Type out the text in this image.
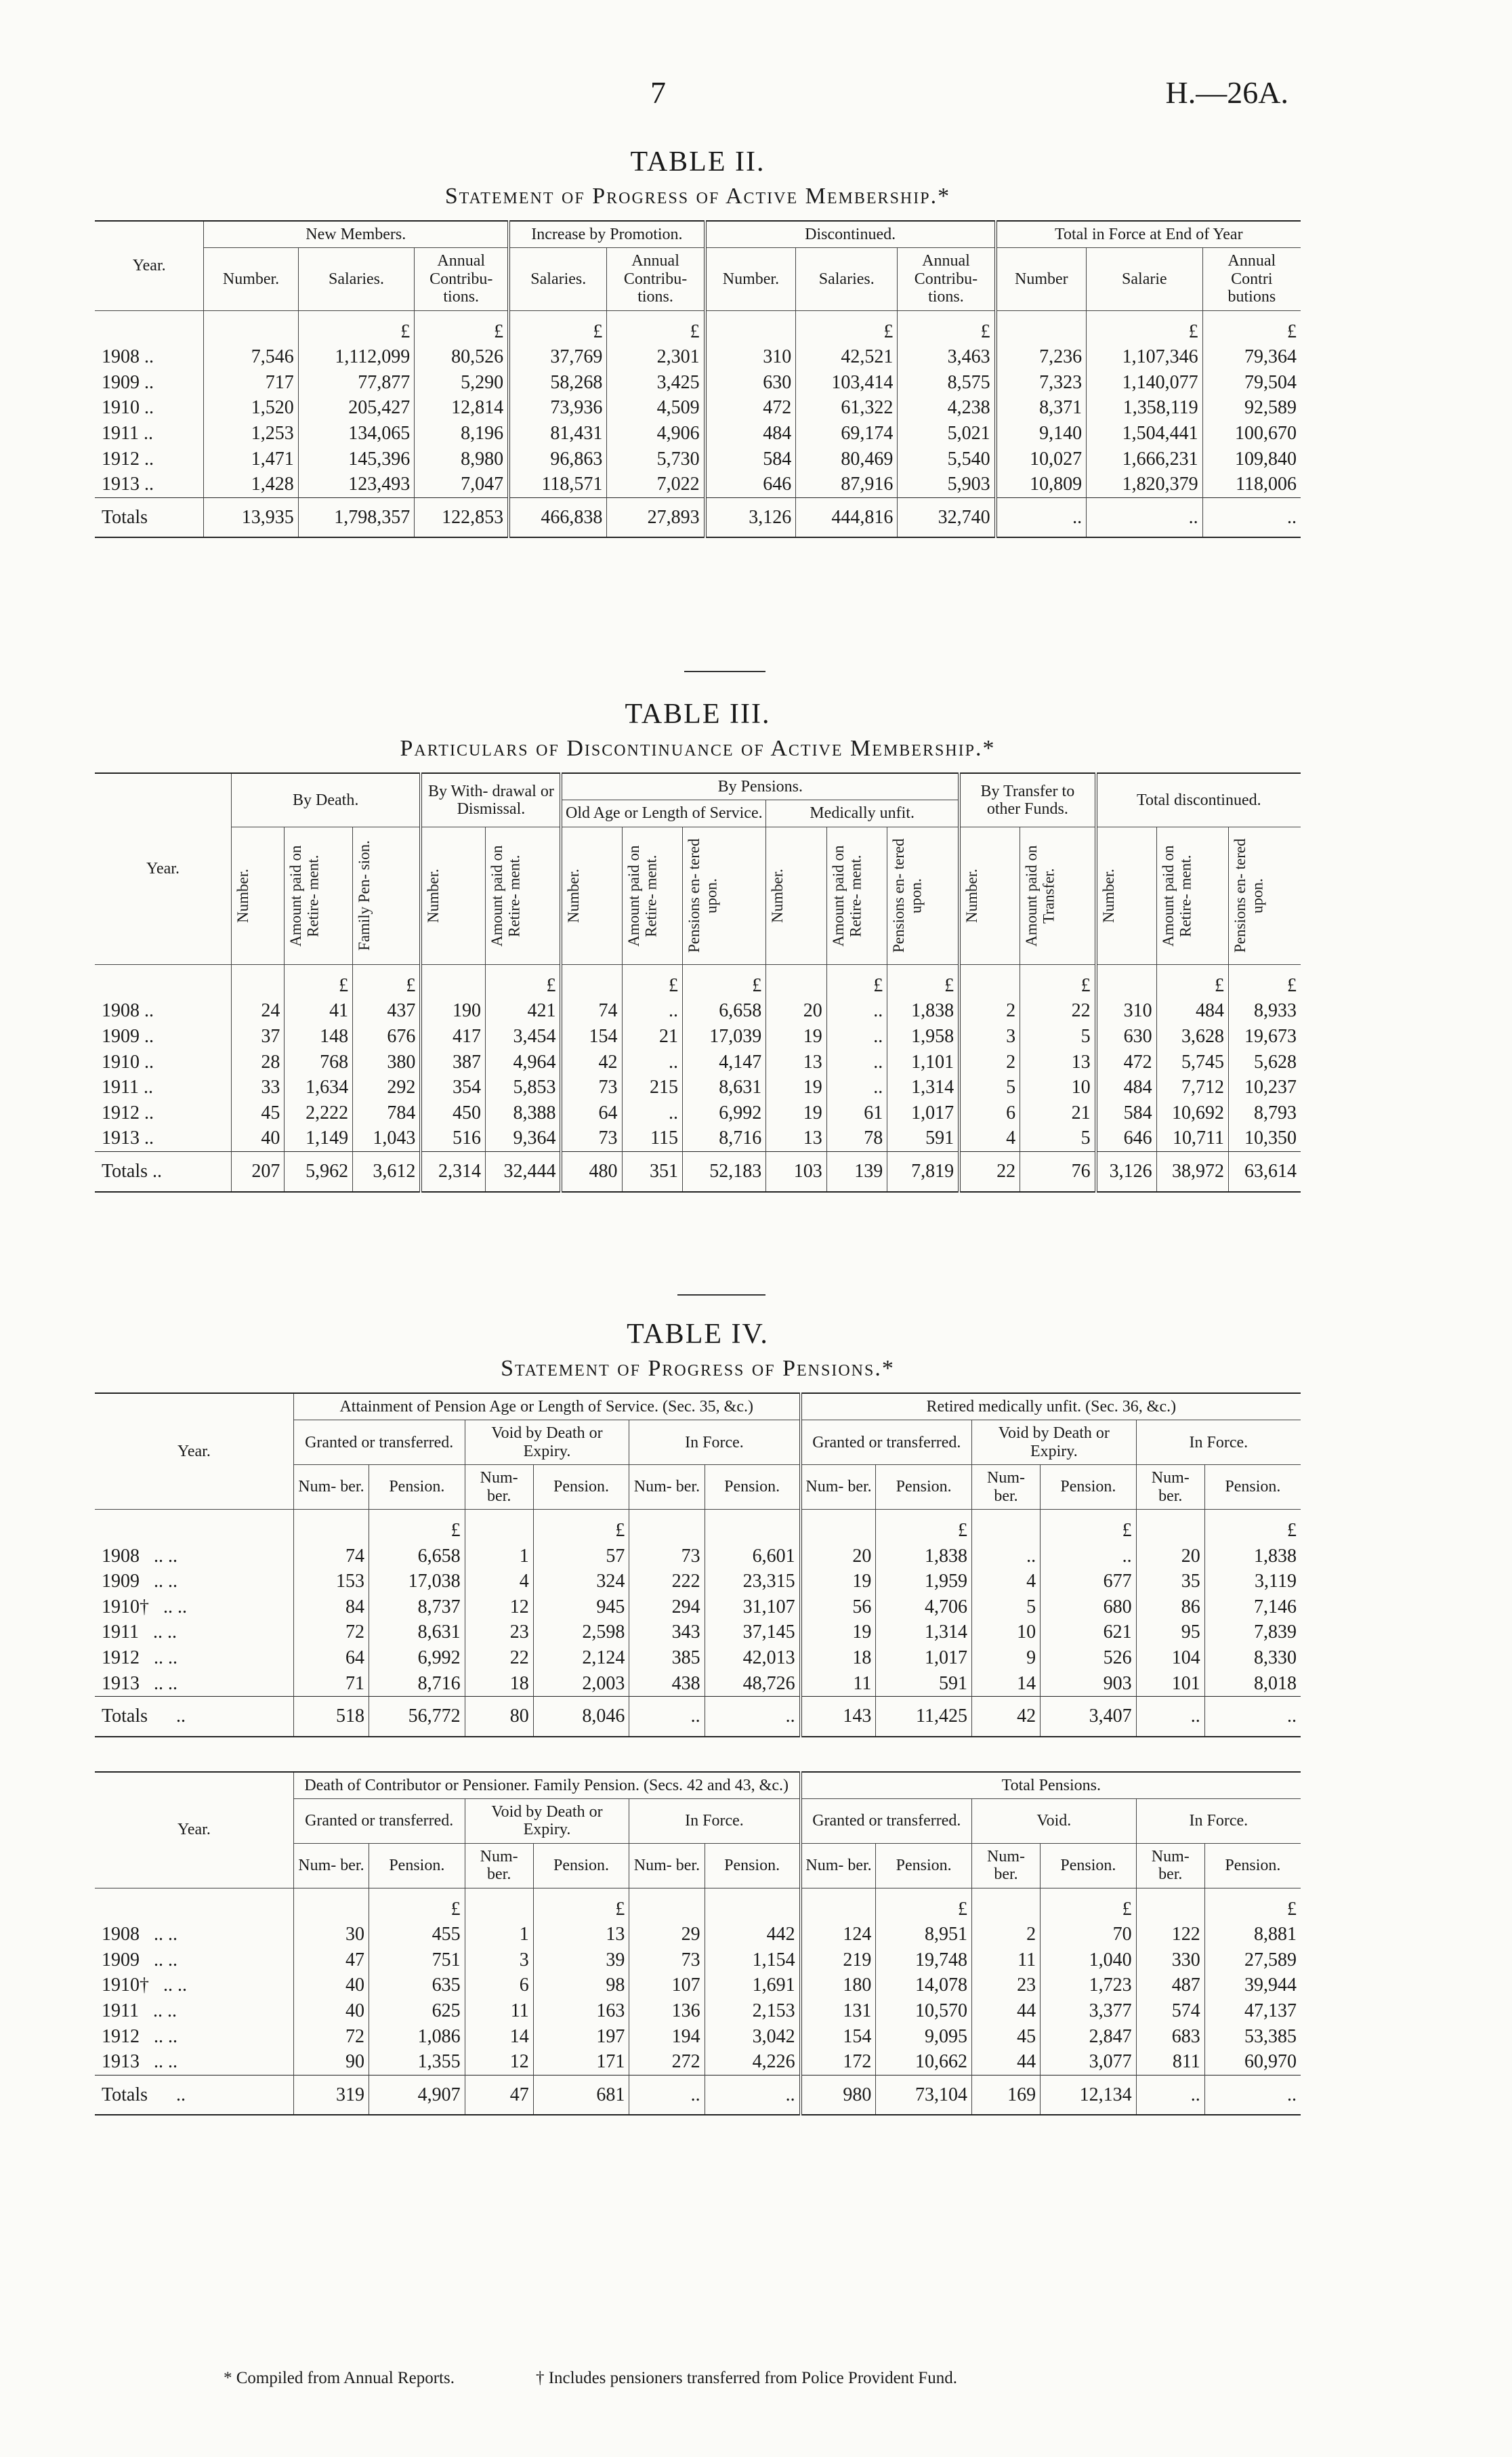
7	H.—26A.

TABLE II.

Statement of Progress of Active Membership.*

Year.	New Members.			Increase by Promotion.		Discontinued.			Total in Force at End of Year		
	Number.	Salaries.	Annual Contribu- tions.	Salaries.	Annual Contribu- tions.	Number.	Salaries.	Annual Contribu- tions.	Number	Salarie	Annual Contri butions
		£	£	£	£		£	£		£	£
1908 ..	7,546	1,112,099	80,526	37,769	2,301	310	42,521	3,463	7,236	1,107,346	79,364
1909 ..	717	77,877	5,290	58,268	3,425	630	103,414	8,575	7,323	1,140,077	79,504
1910 ..	1,520	205,427	12,814	73,936	4,509	472	61,322	4,238	8,371	1,358,119	92,589
1911 ..	1,253	134,065	8,196	81,431	4,906	484	69,174	5,021	9,140	1,504,441	100,670
1912 ..	1,471	145,396	8,980	96,863	5,730	584	80,469	5,540	10,027	1,666,231	109,840
1913 ..	1,428	123,493	7,047	118,571	7,022	646	87,916	5,903	10,809	1,820,379	118,006
Totals	13,935	1,798,357	122,853	466,838	27,893	3,126	444,816	32,740	..	..	..

TABLE III.

Particulars of Discontinuance of Active Membership.*

Year.	By Death.			By With- drawal or Dismissal.		By Pensions.						By Transfer to other Funds.		Total discontinued.		
						Old Age or Length of Service.			Medically unfit.							

	Number.	Amount paid on Retire- ment.	Family Pen- sion.	Number.	Amount paid on Retire- ment.	Number.	Amount paid on Retire- ment.	Pensions en- tered upon.	Number.	Amount paid on Retire- ment.	Pensions en- tered upon.	Number.	Amount paid on Transfer.	Number.	Amount paid on Retire- ment.	Pensions en- tered upon.

		£	£		£		£	£		£	£		£		£	£
1908 ..	24	41	437	190	421	74	..	6,658	20	..	1,838	2	22	310	484	8,933
1909 ..	37	148	676	417	3,454	154	21	17,039	19	..	1,958	3	5	630	3,628	19,673
1910 ..	28	768	380	387	4,964	42	..	4,147	13	..	1,101	2	13	472	5,745	5,628
1911 ..	33	1,634	292	354	5,853	73	215	8,631	19	..	1,314	5	10	484	7,712	10,237
1912 ..	45	2,222	784	450	8,388	64	..	6,992	19	61	1,017	6	21	584	10,692	8,793
1913 ..	40	1,149	1,043	516	9,364	73	115	8,716	13	78	591	4	5	646	10,711	10,350
Totals ..	207	5,962	3,612	2,314	32,444	480	351	52,183	103	139	7,819	22	76	3,126	38,972	63,614

TABLE IV.

Statement of Progress of Pensions.*

Year.	Attainment of Pension Age or Length of Service. (Sec. 35, &c.)						Retired medically unfit. (Sec. 36, &c.)					
	Granted or transferred.		Void by Death or Expiry.		In Force.		Granted or transferred.		Void by Death or Expiry.		In Force.	
	Num- ber.	Pension.	Num- ber.	Pension.	Num- ber.	Pension.	Num- ber.	Pension.	Num- ber.	Pension.	Num- ber.	Pension.
		£		£				£		£		£
1908 .. ..	74	6,658	1	57	73	6,601	20	1,838	..	..	20	1,838
1909 .. ..	153	17,038	4	324	222	23,315	19	1,959	4	677	35	3,119
1910† .. ..	84	8,737	12	945	294	31,107	56	4,706	5	680	86	7,146
1911 .. ..	72	8,631	23	2,598	343	37,145	19	1,314	10	621	95	7,839
1912 .. ..	64	6,992	22	2,124	385	42,013	18	1,017	9	526	104	8,330
1913 .. ..	71	8,716	18	2,003	438	48,726	11	591	14	903	101	8,018
Totals ..	518	56,772	80	8,046	..	..	143	11,425	42	3,407	..	..
Year.	Death of Contributor or Pensioner. Family Pension. (Secs. 42 and 43, &c.)						Total Pensions.					
	Granted or transferred.		Void by Death or Expiry.		In Force.		Granted or transferred.		Void.		In Force.	
	Num- ber.	Pension.	Num- ber.	Pension.	Num- ber.	Pension.	Num- ber.	Pension.	Num- ber.	Pension.	Num- ber.	Pension.
		£		£				£		£		£
1908 .. ..	30	455	1	13	29	442	124	8,951	2	70	122	8,881
1909 .. ..	47	751	3	39	73	1,154	219	19,748	11	1,040	330	27,589
1910† .. ..	40	635	6	98	107	1,691	180	14,078	23	1,723	487	39,944
1911 .. ..	40	625	11	163	136	2,153	131	10,570	44	3,377	574	47,137
1912 .. ..	72	1,086	14	197	194	3,042	154	9,095	45	2,847	683	53,385
1913 .. ..	90	1,355	12	171	272	4,226	172	10,662	44	3,077	811	60,970
Totals ..	319	4,907	47	681	..	..	980	73,104	169	12,134	..	..
* Compiled from Annual Reports.	† Includes pensioners transferred from Police Provident Fund.
